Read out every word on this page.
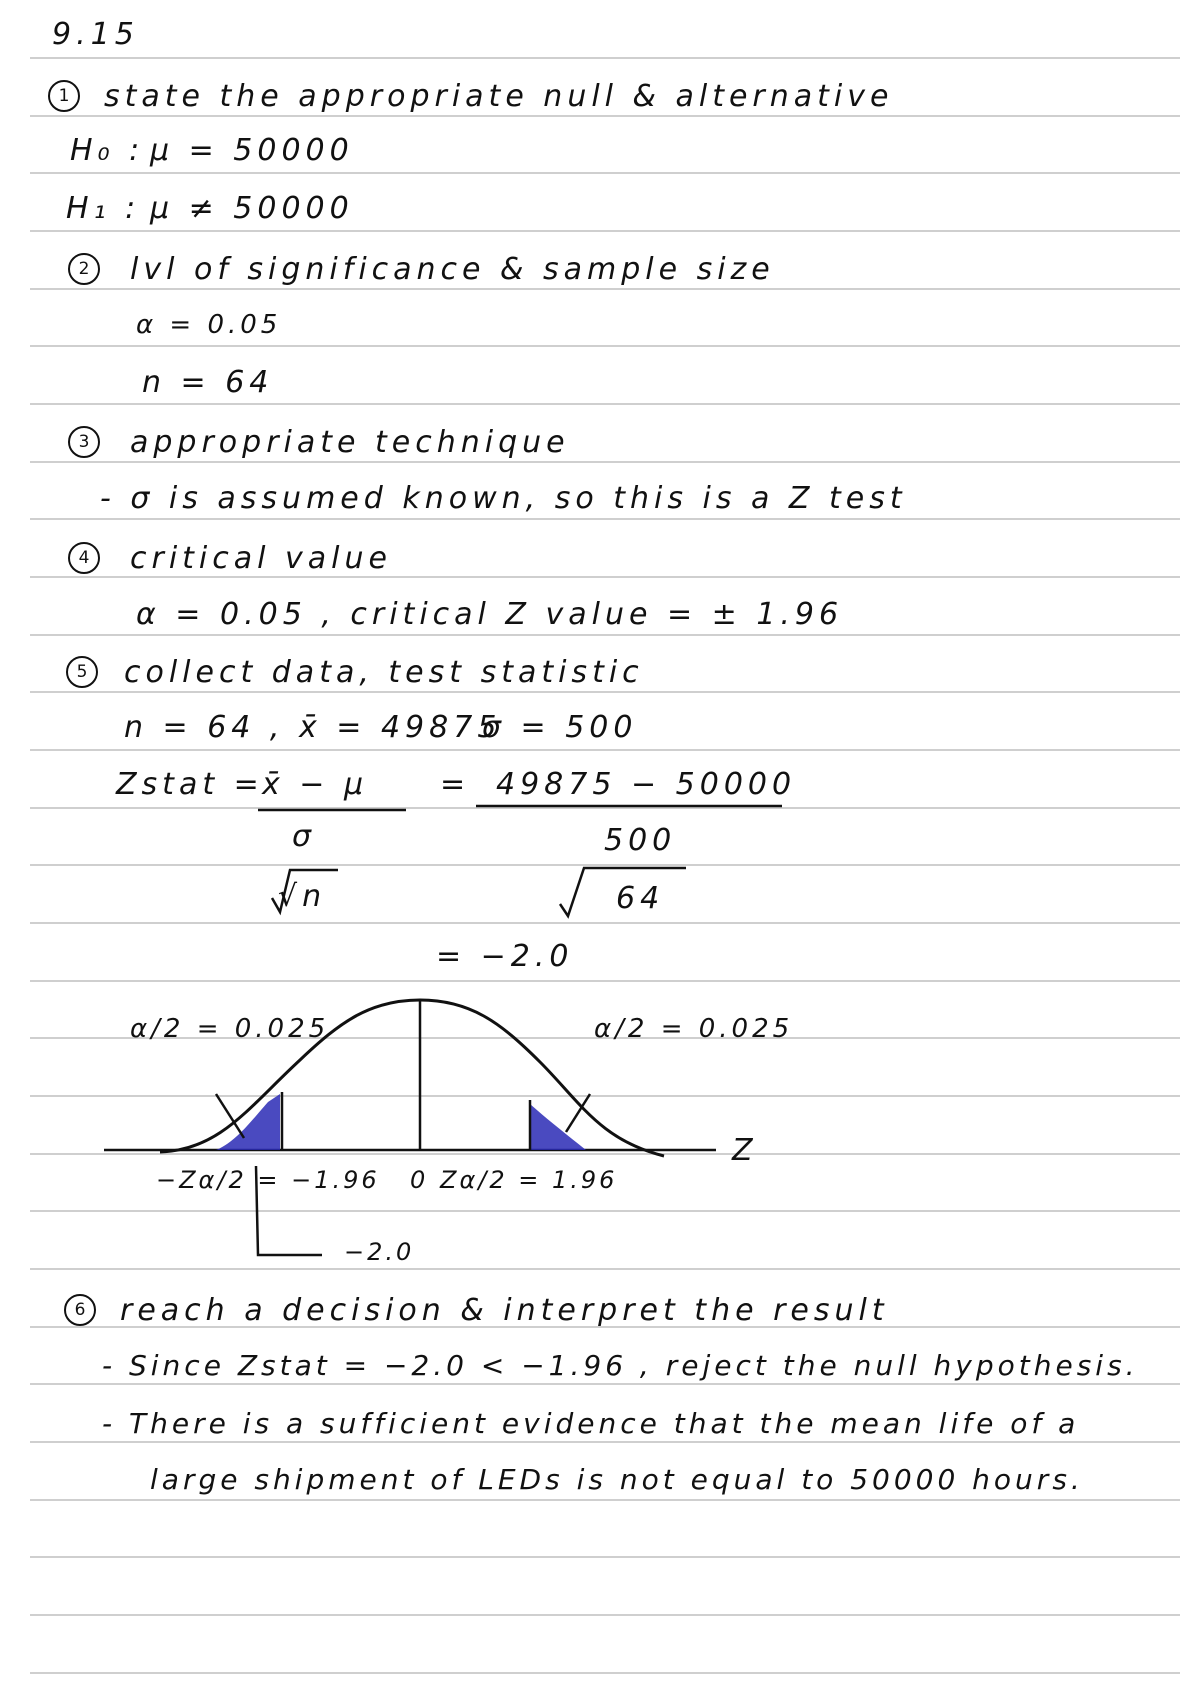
9.15
1	state the appropriate null & alternative
H₀ : μ = 50000
H₁ : μ ≠ 50000
2	lvl of significance & sample size
α = 0.05
n = 64
3	appropriate technique
- σ is assumed known, so this is a Z test
4	critical value
α = 0.05 , critical Z value = ± 1.96
5	collect data, test statistic
n = 64 , x̄ = 49875
σ = 500
Zstat =
x̄ − μ
σ
√n
= 49875 − 50000
500
64
= −2.0
α/2 = 0.025	α/2 = 0.025
Z
−Zα/2 = −1.96 0 Zα/2 = 1.96
−2.0
6	reach a decision & interpret the result
- Since Zstat = −2.0 < −1.96 , reject the null hypothesis.
- There is a sufficient evidence that the mean life of a
large shipment of LEDs is not equal to 50000 hours.
